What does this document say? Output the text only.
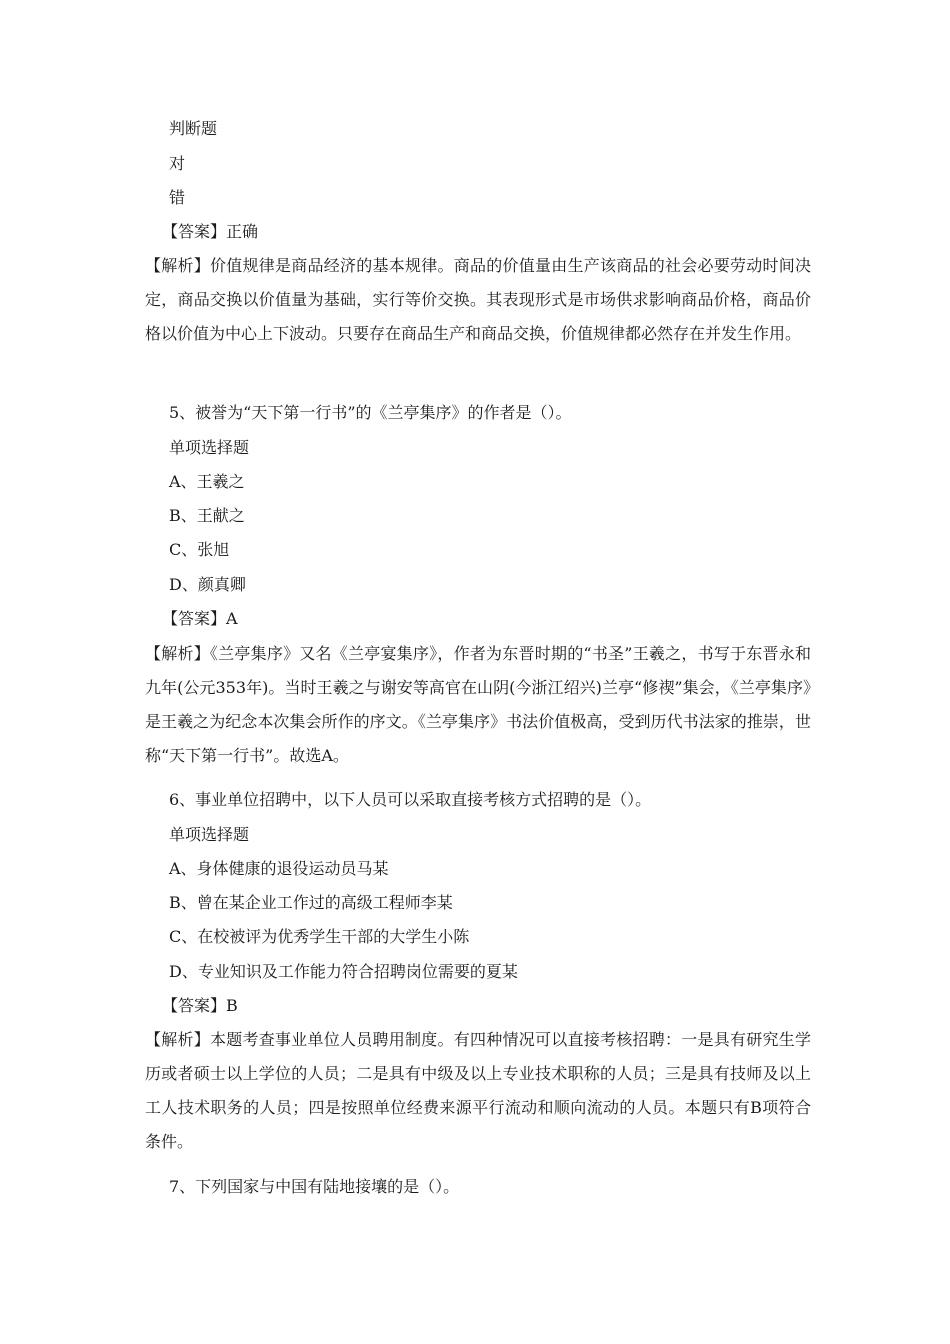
判断题
对
错
【答案】正确
【解析】价值规律是商品经济的基本规律。商品的价值量由生产该商品的社会必要劳动时间决定，商品交换以价值量为基础，实行等价交换。其表现形式是市场供求影响商品价格，商品价格以价值为中心上下波动。只要存在商品生产和商品交换，价值规律都必然存在并发生作用。
5、被誉为“天下第一行书”的《兰亭集序》的作者是（）。
单项选择题
A、王羲之
B、王献之
C、张旭
D、颜真卿
【答案】A
【解析】《兰亭集序》又名《兰亭宴集序》，作者为东晋时期的“书圣”王羲之，书写于东晋永和九年(公元353年)。当时王羲之与谢安等高官在山阴(今浙江绍兴)兰亭“修禊”集会，《兰亭集序》是王羲之为纪念本次集会所作的序文。《兰亭集序》书法价值极高，受到历代书法家的推崇，世称“天下第一行书”。故选A。
6、事业单位招聘中，以下人员可以采取直接考核方式招聘的是（）。
单项选择题
A、身体健康的退役运动员马某
B、曾在某企业工作过的高级工程师李某
C、在校被评为优秀学生干部的大学生小陈
D、专业知识及工作能力符合招聘岗位需要的夏某
【答案】B
【解析】本题考查事业单位人员聘用制度。有四种情况可以直接考核招聘：一是具有研究生学历或者硕士以上学位的人员；二是具有中级及以上专业技术职称的人员；三是具有技师及以上工人技术职务的人员；四是按照单位经费来源平行流动和顺向流动的人员。本题只有B项符合条件。
7、下列国家与中国有陆地接壤的是（）。
